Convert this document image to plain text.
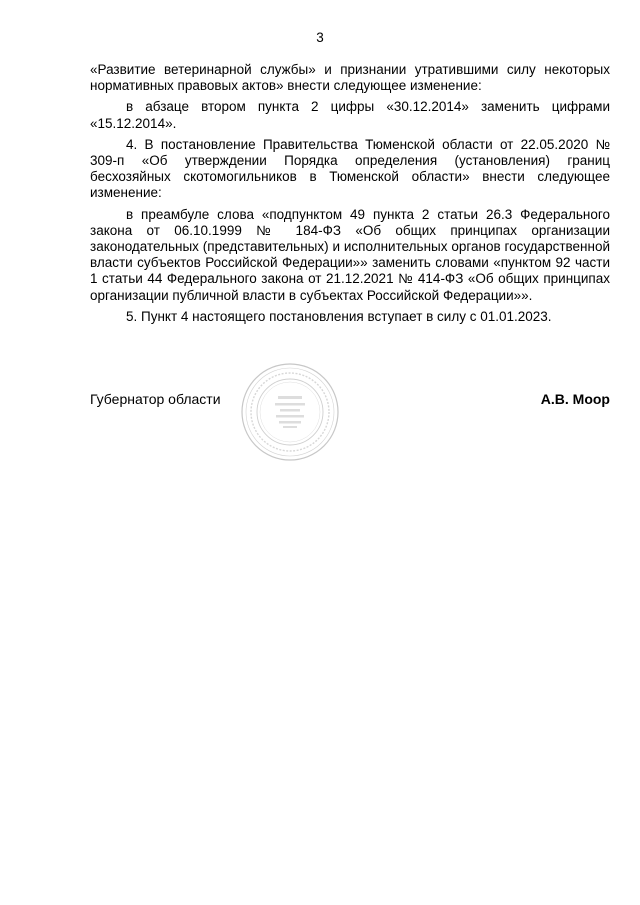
3

«Развитие ветеринарной службы» и признании утратившими силу некоторых нормативных правовых актов» внести следующее изменение:

в абзаце втором пункта 2 цифры «30.12.2014» заменить цифрами «15.12.2014».

4. В постановление Правительства Тюменской области от 22.05.2020 № 309-п «Об утверждении Порядка определения (установления) границ бесхозяйных скотомогильников в Тюменской области» внести следующее изменение:

в преамбуле слова «подпунктом 49 пункта 2 статьи 26.3 Федерального закона от 06.10.1999 № 184-ФЗ «Об общих принципах организации законодательных (представительных) и исполнительных органов государственной власти субъектов Российской Федерации»» заменить словами «пунктом 92 части 1 статьи 44 Федерального закона от 21.12.2021 № 414-ФЗ «Об общих принципах организации публичной власти в субъектах Российской Федерации»».

5. Пункт 4 настоящего постановления вступает в силу с 01.01.2023.

Губернатор области	А.В. Моор
